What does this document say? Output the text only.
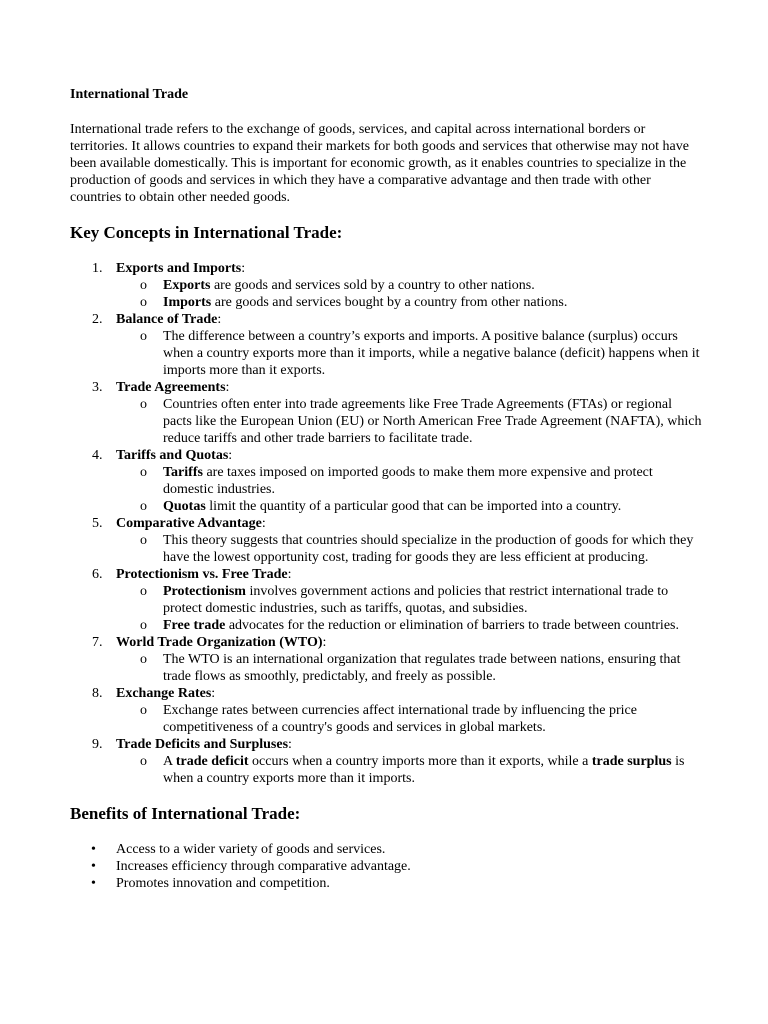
International Trade

International trade refers to the exchange of goods, services, and capital across international borders or territories. It allows countries to expand their markets for both goods and services that otherwise may not have been available domestically. This is important for economic growth, as it enables countries to specialize in the production of goods and services in which they have a comparative advantage and then trade with other countries to obtain other needed goods.

Key Concepts in International Trade:
1. Exports and Imports:
o Exports are goods and services sold by a country to other nations.
o Imports are goods and services bought by a country from other nations.
2. Balance of Trade:
o The difference between a country’s exports and imports. A positive balance (surplus) occurs when a country exports more than it imports, while a negative balance (deficit) happens when it imports more than it exports.
3. Trade Agreements:
o Countries often enter into trade agreements like Free Trade Agreements (FTAs) or regional pacts like the European Union (EU) or North American Free Trade Agreement (NAFTA), which reduce tariffs and other trade barriers to facilitate trade.
4. Tariffs and Quotas:
o Tariffs are taxes imposed on imported goods to make them more expensive and protect domestic industries.
o Quotas limit the quantity of a particular good that can be imported into a country.
5. Comparative Advantage:
o This theory suggests that countries should specialize in the production of goods for which they have the lowest opportunity cost, trading for goods they are less efficient at producing.
6. Protectionism vs. Free Trade:
o Protectionism involves government actions and policies that restrict international trade to protect domestic industries, such as tariffs, quotas, and subsidies.
o Free trade advocates for the reduction or elimination of barriers to trade between countries.
7. World Trade Organization (WTO):
o The WTO is an international organization that regulates trade between nations, ensuring that trade flows as smoothly, predictably, and freely as possible.
8. Exchange Rates:
o Exchange rates between currencies affect international trade by influencing the price competitiveness of a country's goods and services in global markets.
9. Trade Deficits and Surpluses:
o A trade deficit occurs when a country imports more than it exports, while a trade surplus is when a country exports more than it imports.
Benefits of International Trade:
• Access to a wider variety of goods and services.
• Increases efficiency through comparative advantage.
• Promotes innovation and competition.
